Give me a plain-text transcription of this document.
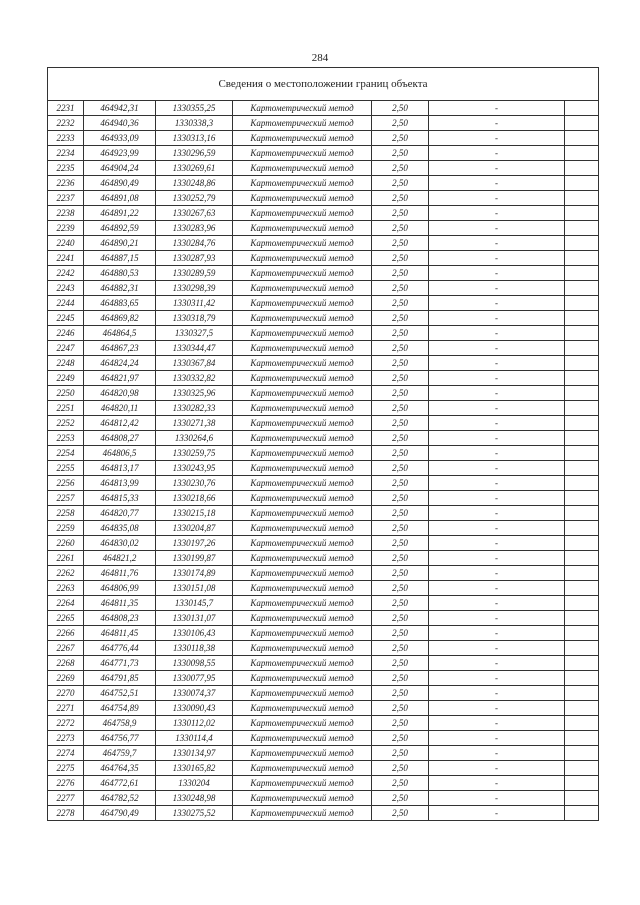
284
Сведения о местоположении границ объекта						
2231	464942,31	1330355,25	Картометрический метод	2,50	-	
2232	464940,36	1330338,3	Картометрический метод	2,50	-	
2233	464933,09	1330313,16	Картометрический метод	2,50	-	
2234	464923,99	1330296,59	Картометрический метод	2,50	-	
2235	464904,24	1330269,61	Картометрический метод	2,50	-	
2236	464890,49	1330248,86	Картометрический метод	2,50	-	
2237	464891,08	1330252,79	Картометрический метод	2,50	-	
2238	464891,22	1330267,63	Картометрический метод	2,50	-	
2239	464892,59	1330283,96	Картометрический метод	2,50	-	
2240	464890,21	1330284,76	Картометрический метод	2,50	-	
2241	464887,15	1330287,93	Картометрический метод	2,50	-	
2242	464880,53	1330289,59	Картометрический метод	2,50	-	
2243	464882,31	1330298,39	Картометрический метод	2,50	-	
2244	464883,65	1330311,42	Картометрический метод	2,50	-	
2245	464869,82	1330318,79	Картометрический метод	2,50	-	
2246	464864,5	1330327,5	Картометрический метод	2,50	-	
2247	464867,23	1330344,47	Картометрический метод	2,50	-	
2248	464824,24	1330367,84	Картометрический метод	2,50	-	
2249	464821,97	1330332,82	Картометрический метод	2,50	-	
2250	464820,98	1330325,96	Картометрический метод	2,50	-	
2251	464820,11	1330282,33	Картометрический метод	2,50	-	
2252	464812,42	1330271,38	Картометрический метод	2,50	-	
2253	464808,27	1330264,6	Картометрический метод	2,50	-	
2254	464806,5	1330259,75	Картометрический метод	2,50	-	
2255	464813,17	1330243,95	Картометрический метод	2,50	-	
2256	464813,99	1330230,76	Картометрический метод	2,50	-	
2257	464815,33	1330218,66	Картометрический метод	2,50	-	
2258	464820,77	1330215,18	Картометрический метод	2,50	-	
2259	464835,08	1330204,87	Картометрический метод	2,50	-	
2260	464830,02	1330197,26	Картометрический метод	2,50	-	
2261	464821,2	1330199,87	Картометрический метод	2,50	-	
2262	464811,76	1330174,89	Картометрический метод	2,50	-	
2263	464806,99	1330151,08	Картометрический метод	2,50	-	
2264	464811,35	1330145,7	Картометрический метод	2,50	-	
2265	464808,23	1330131,07	Картометрический метод	2,50	-	
2266	464811,45	1330106,43	Картометрический метод	2,50	-	
2267	464776,44	1330118,38	Картометрический метод	2,50	-	
2268	464771,73	1330098,55	Картометрический метод	2,50	-	
2269	464791,85	1330077,95	Картометрический метод	2,50	-	
2270	464752,51	1330074,37	Картометрический метод	2,50	-	
2271	464754,89	1330090,43	Картометрический метод	2,50	-	
2272	464758,9	1330112,02	Картометрический метод	2,50	-	
2273	464756,77	1330114,4	Картометрический метод	2,50	-	
2274	464759,7	1330134,97	Картометрический метод	2,50	-	
2275	464764,35	1330165,82	Картометрический метод	2,50	-	
2276	464772,61	1330204	Картометрический метод	2,50	-	
2277	464782,52	1330248,98	Картометрический метод	2,50	-	
2278	464790,49	1330275,52	Картометрический метод	2,50	-	
